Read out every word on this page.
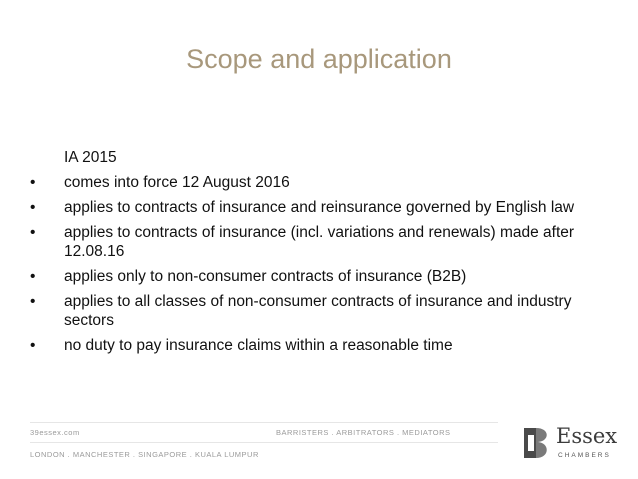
Scope and application
IA 2015
• comes into force 12 August 2016
• applies to contracts of insurance and reinsurance governed by English law
• applies to contracts of insurance (incl. variations and renewals) made after 12.08.16
• applies only to non-consumer contracts of insurance (B2B)
• applies to all classes of non-consumer contracts of insurance and industry sectors
• no duty to pay insurance claims within a reasonable time
39essex.com	BARRISTERS . ARBITRATORS . MEDIATORS
LONDON . MANCHESTER . SINGAPORE . KUALA LUMPUR
Essex
CHAMBERS
